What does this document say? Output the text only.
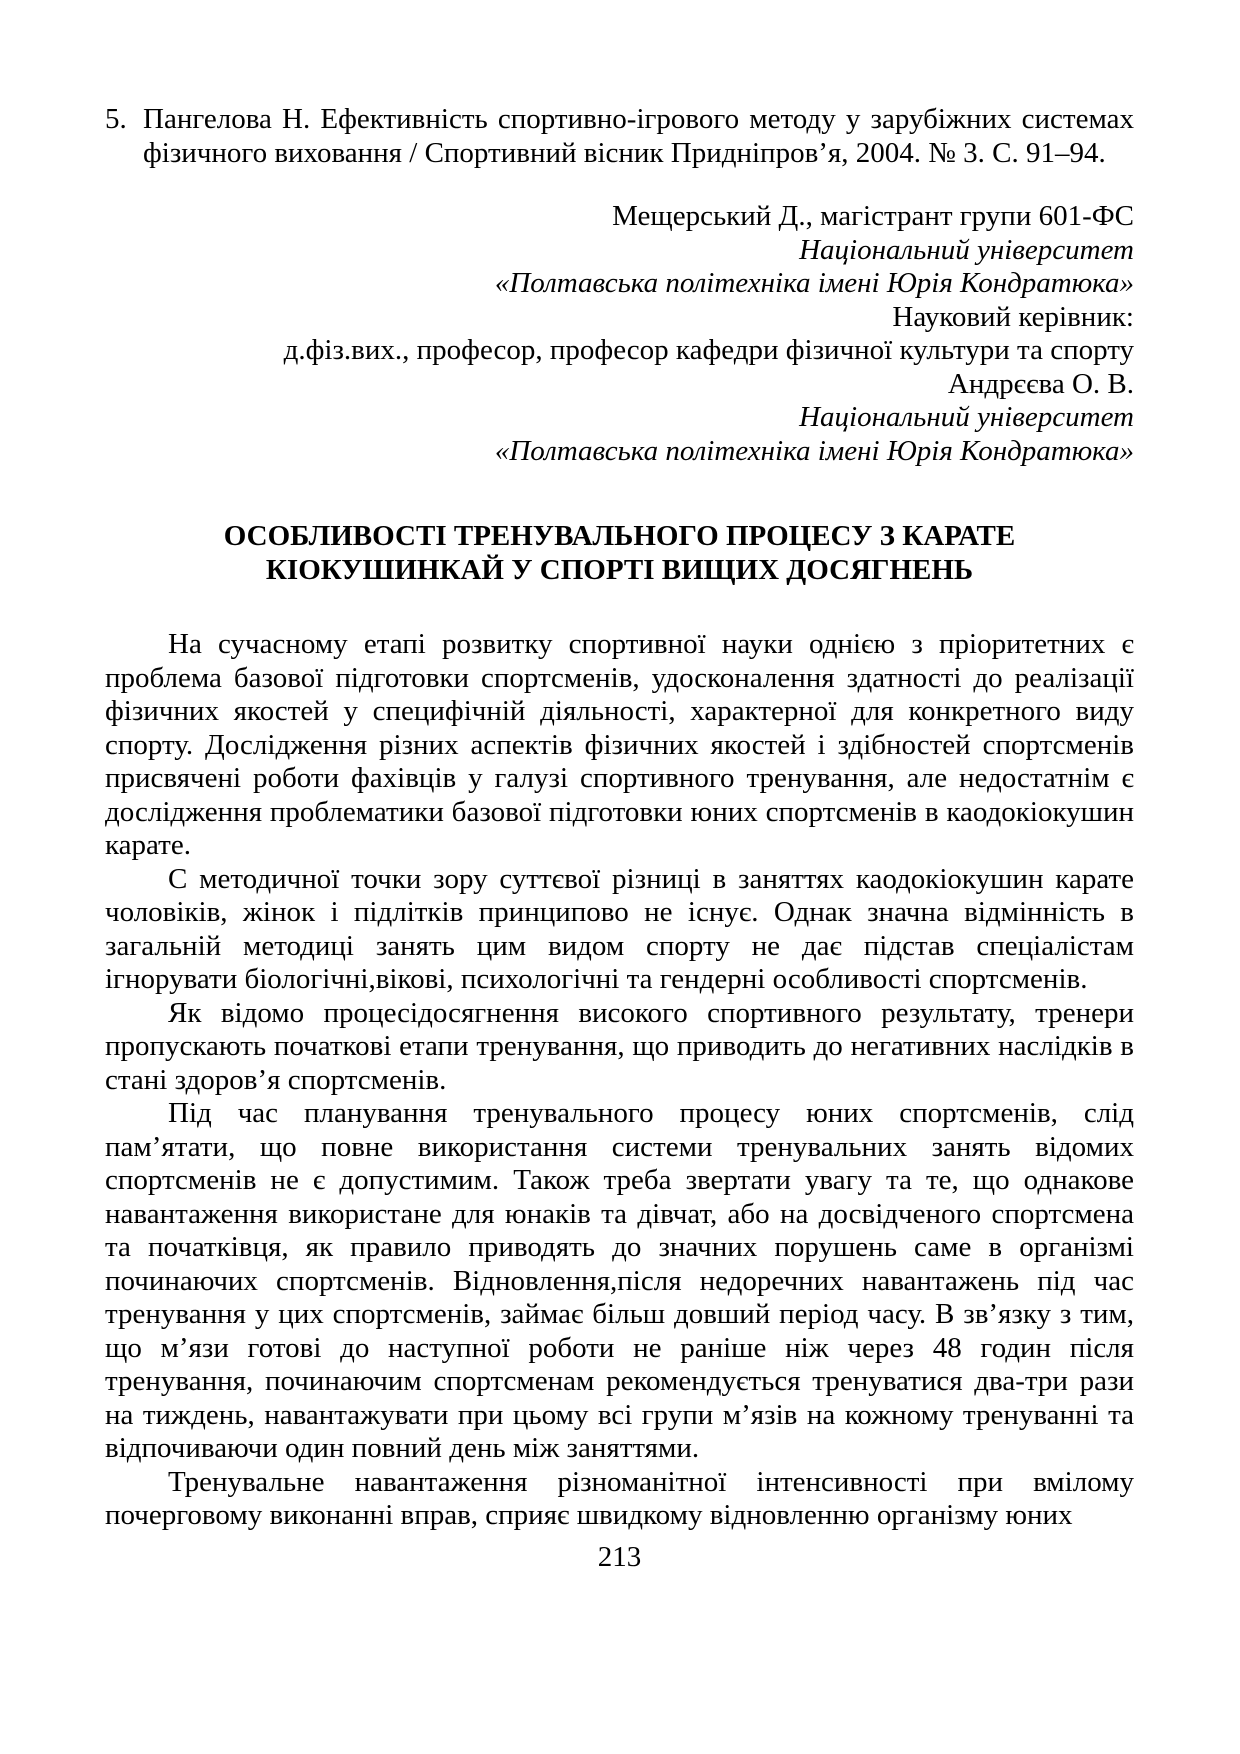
5. Пангелова Н. Ефективність спортивно-ігрового методу у зарубіжних системах фізичного виховання / Спортивний вісник Придніпров’я, 2004. № 3. С. 91–94.
Мещерський Д., магістрант групи 601-ФС
Національний університет
«Полтавська політехніка імені Юрія Кондратюка»
Науковий керівник:
д.фіз.вих., професор, професор кафедри фізичної культури та спорту
Андрєєва О. В.
Національний університет
«Полтавська політехніка імені Юрія Кондратюка»
ОСОБЛИВОСТІ ТРЕНУВАЛЬНОГО ПРОЦЕСУ З КАРАТЕ
КІОКУШИНКАЙ У СПОРТІ ВИЩИХ ДОСЯГНЕНЬ

На сучасному етапі розвитку спортивної науки однією з пріоритетних є проблема базової підготовки спортсменів, удосконалення здатності до реалізації фізичних якостей у специфічній діяльності, характерної для конкретного виду спорту. Дослідження різних аспектів фізичних якостей і здібностей спортсменів присвячені роботи фахівців у галузі спортивного тренування, але недостатнім є дослідження проблематики базової підготовки юних спортсменів в каодокіокушин карате.

С методичної точки зору суттєвої різниці в заняттях каодокіокушин карате чоловіків, жінок і підлітків принципово не існує. Однак значна відмінність в загальній методиці занять цим видом спорту не дає підстав спеціалістам ігнорувати біологічні,вікові, психологічні та гендерні особливості спортсменів.

Як відомо процесідосягнення високого спортивного результату, тренери пропускають початкові етапи тренування, що приводить до негативних наслідків в стані здоров’я спортсменів.

Під час планування тренувального процесу юних спортсменів, слід пам’ятати, що повне використання системи тренувальних занять відомих спортсменів не є допустимим. Також треба звертати увагу та те, що однакове навантаження використане для юнаків та дівчат, або на досвідченого спортсмена та початківця, як правило приводять до значних порушень саме в організмі починаючих спортсменів. Відновлення,після недоречних навантажень під час тренування у цих спортсменів, займає більш довший період часу. В зв’язку з тим, що м’язи готові до наступної роботи не раніше ніж через 48 годин після тренування, починаючим спортсменам рекомендується тренуватися два-три рази на тиждень, навантажувати при цьому всі групи м’язів на кожному тренуванні та відпочиваючи один повний день між заняттями.

Тренувальне навантаження різноманітної інтенсивності при вмілому почерговому виконанні вправ, сприяє швидкому відновленню організму юних

213
